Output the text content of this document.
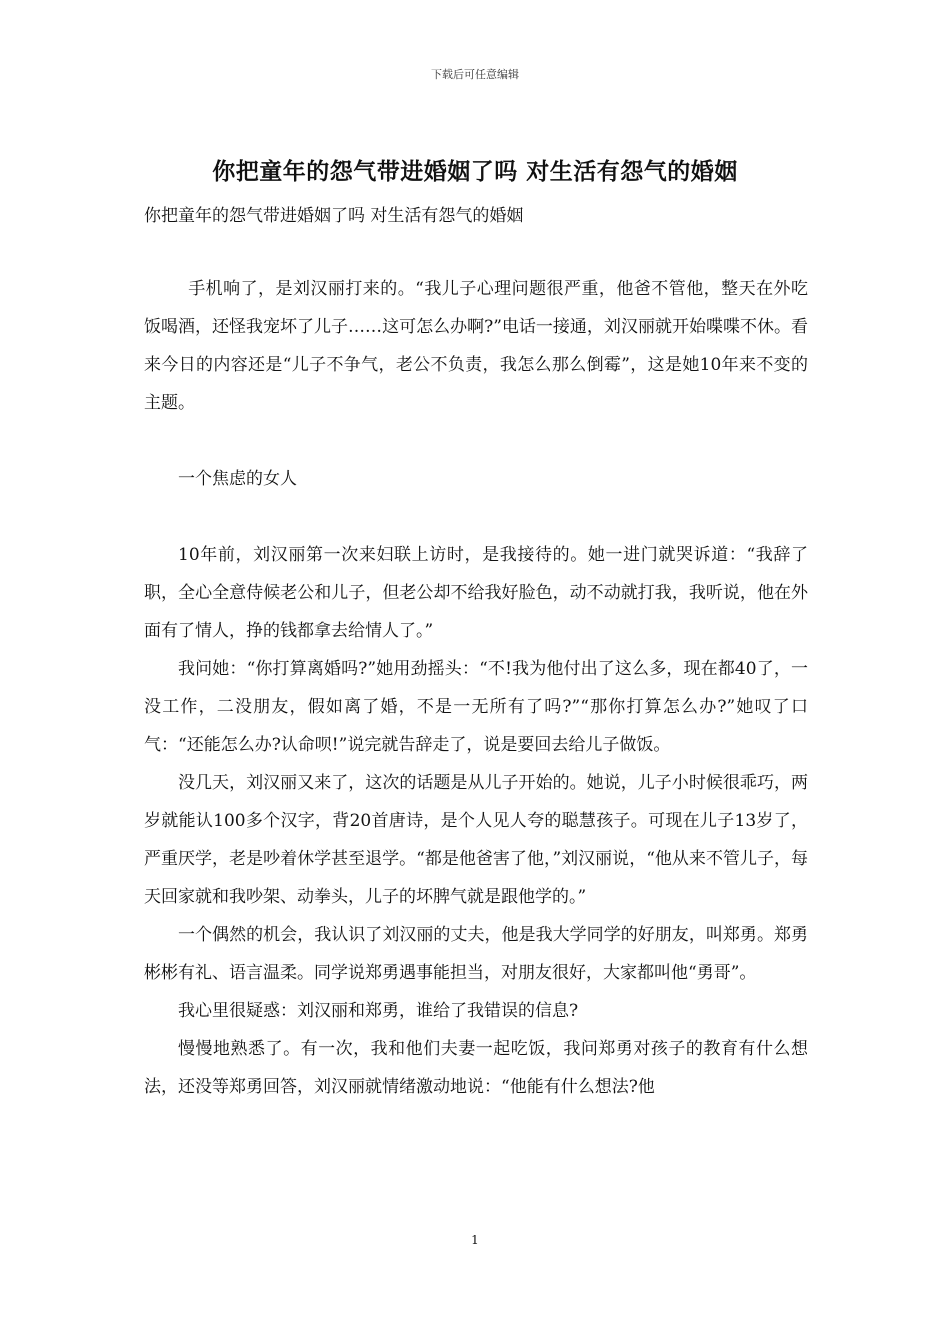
下载后可任意编辑
你把童年的怨气带进婚姻了吗 对生活有怨气的婚姻
你把童年的怨气带进婚姻了吗 对生活有怨气的婚姻

手机响了，是刘汉丽打来的。“我儿子心理问题很严重，他爸不管他，整天在外吃饭喝酒，还怪我宠坏了儿子……这可怎么办啊?”电话一接通，刘汉丽就开始喋喋不休。看来今日的内容还是“儿子不争气，老公不负责，我怎么那么倒霉”，这是她10年来不变的主题。

一个焦虑的女人

10年前，刘汉丽第一次来妇联上访时，是我接待的。她一进门就哭诉道：“我辞了职，全心全意侍候老公和儿子，但老公却不给我好脸色，动不动就打我，我听说，他在外面有了情人，挣的钱都拿去给情人了。”

我问她：“你打算离婚吗?”她用劲摇头：“不!我为他付出了这么多，现在都40了，一没工作，二没朋友，假如离了婚，不是一无所有了吗?”“那你打算怎么办?”她叹了口气：“还能怎么办?认命呗!”说完就告辞走了，说是要回去给儿子做饭。

没几天，刘汉丽又来了，这次的话题是从儿子开始的。她说，儿子小时候很乖巧，两岁就能认100多个汉字，背20首唐诗，是个人见人夸的聪慧孩子。可现在儿子13岁了，严重厌学，老是吵着休学甚至退学。“都是他爸害了他，”刘汉丽说，“他从来不管儿子，每天回家就和我吵架、动拳头，儿子的坏脾气就是跟他学的。”

一个偶然的机会，我认识了刘汉丽的丈夫，他是我大学同学的好朋友，叫郑勇。郑勇彬彬有礼、语言温柔。同学说郑勇遇事能担当，对朋友很好，大家都叫他“勇哥”。

我心里很疑惑：刘汉丽和郑勇，谁给了我错误的信息?

慢慢地熟悉了。有一次，我和他们夫妻一起吃饭，我问郑勇对孩子的教育有什么想法，还没等郑勇回答，刘汉丽就情绪激动地说：“他能有什么想法?他

1
